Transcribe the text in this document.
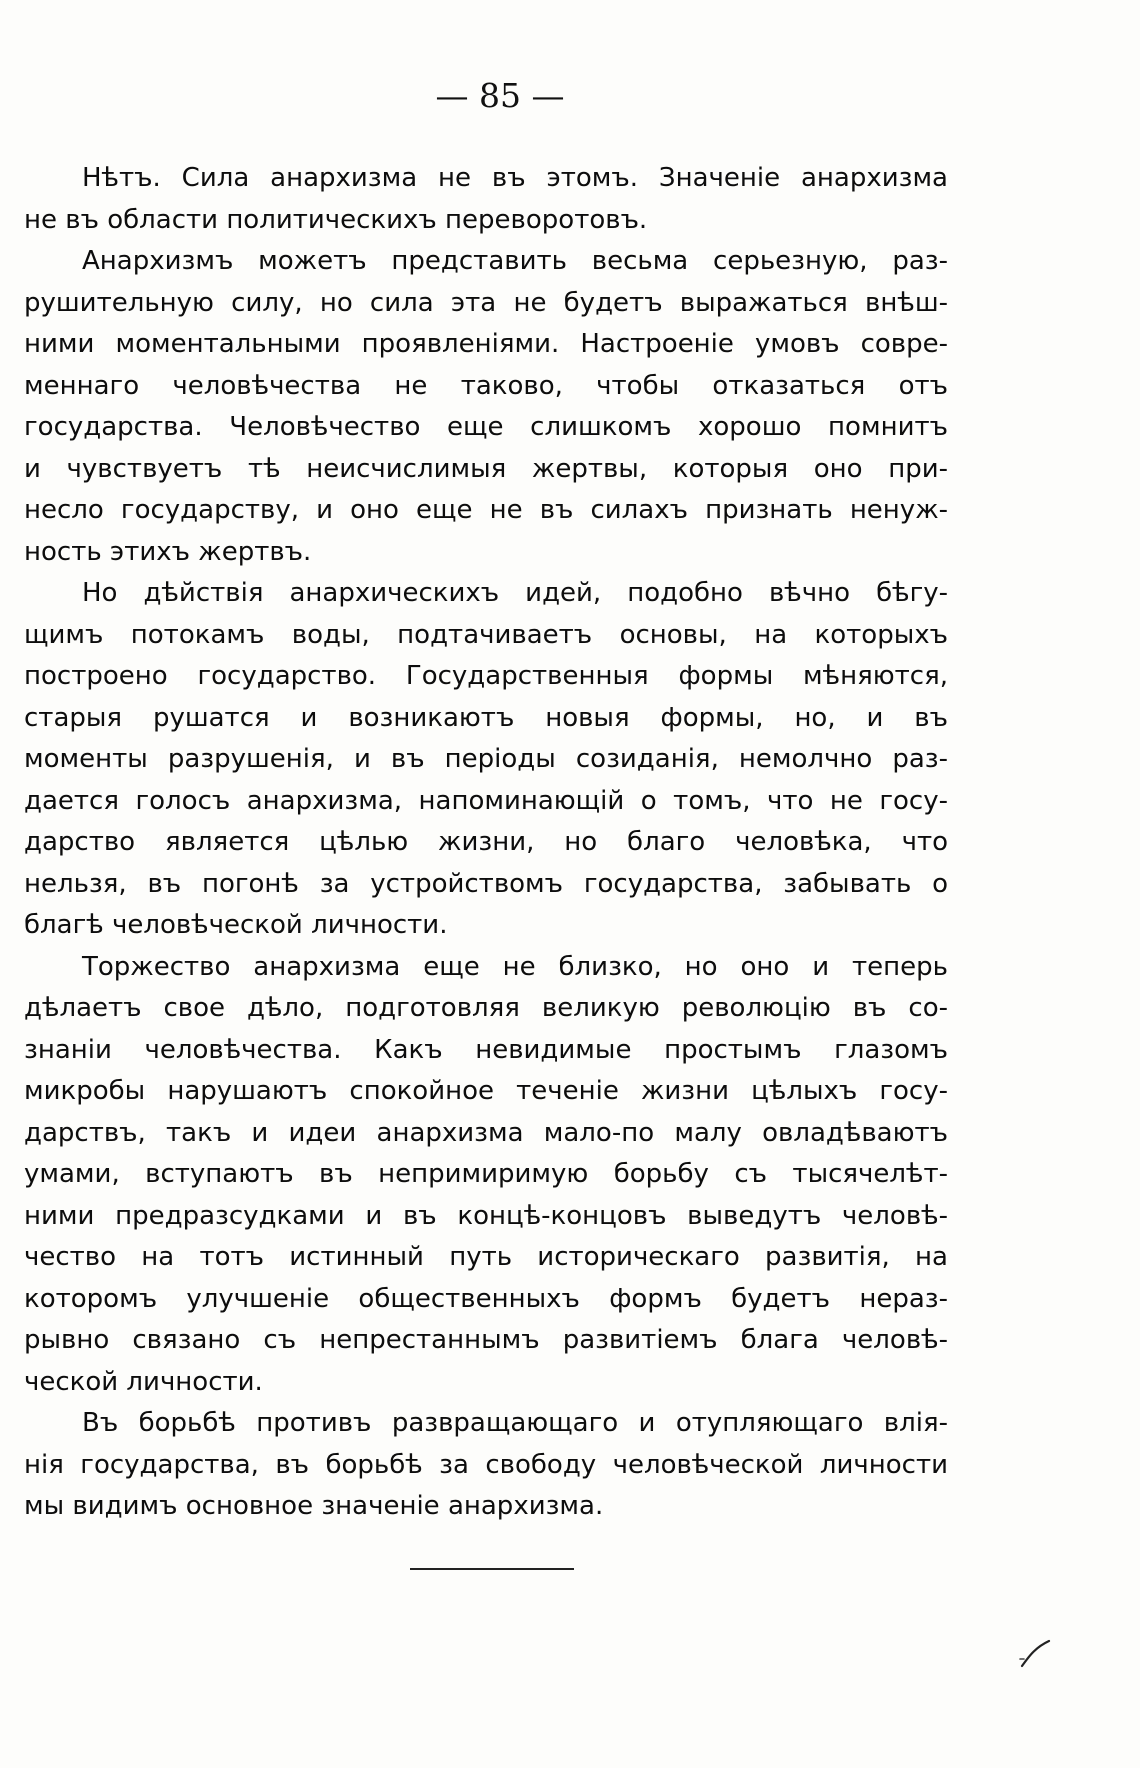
— 85 —
Нѣтъ. Сила анархизма не въ этомъ. Значеніе анархизма
не въ области политическихъ переворотовъ.
Анархизмъ можетъ представить весьма серьезную, раз-
рушительную силу, но сила эта не будетъ выражаться внѣш-
ними моментальными проявленіями. Настроеніе умовъ совре-
меннаго человѣчества не таково, чтобы отказаться отъ
государства. Человѣчество еще слишкомъ хорошо помнитъ
и чувствуетъ тѣ неисчислимыя жертвы, которыя оно при-
несло государству, и оно еще не въ силахъ признать ненуж-
ность этихъ жертвъ.
Но дѣйствія анархическихъ идей, подобно вѣчно бѣгу-
щимъ потокамъ воды, подтачиваетъ основы, на которыхъ
построено государство. Государственныя формы мѣняются,
старыя рушатся и возникаютъ новыя формы, но, и въ
моменты разрушенія, и въ періоды созиданія, немолчно раз-
дается голосъ анархизма, напоминающій о томъ, что не госу-
дарство является цѣлью жизни, но благо человѣка, что
нельзя, въ погонѣ за устройствомъ государства, забывать о
благѣ человѣческой личности.
Торжество анархизма еще не близко, но оно и теперь
дѣлаетъ свое дѣло, подготовляя великую революцію въ со-
знаніи человѣчества. Какъ невидимые простымъ глазомъ
микробы нарушаютъ спокойное теченіе жизни цѣлыхъ госу-
дарствъ, такъ и идеи анархизма мало-по малу овладѣваютъ
умами, вступаютъ въ непримиримую борьбу съ тысячелѣт-
ними предразсудками и въ концѣ-концовъ выведутъ человѣ-
чество на тотъ истинный путь историческаго развитія, на
которомъ улучшеніе общественныхъ формъ будетъ нераз-
рывно связано съ непрестаннымъ развитіемъ блага человѣ-
ческой личности.
Въ борьбѣ противъ развращающаго и отупляющаго влія-
нія государства, въ борьбѣ за свободу человѣческой личности
мы видимъ основное значеніе анархизма.
